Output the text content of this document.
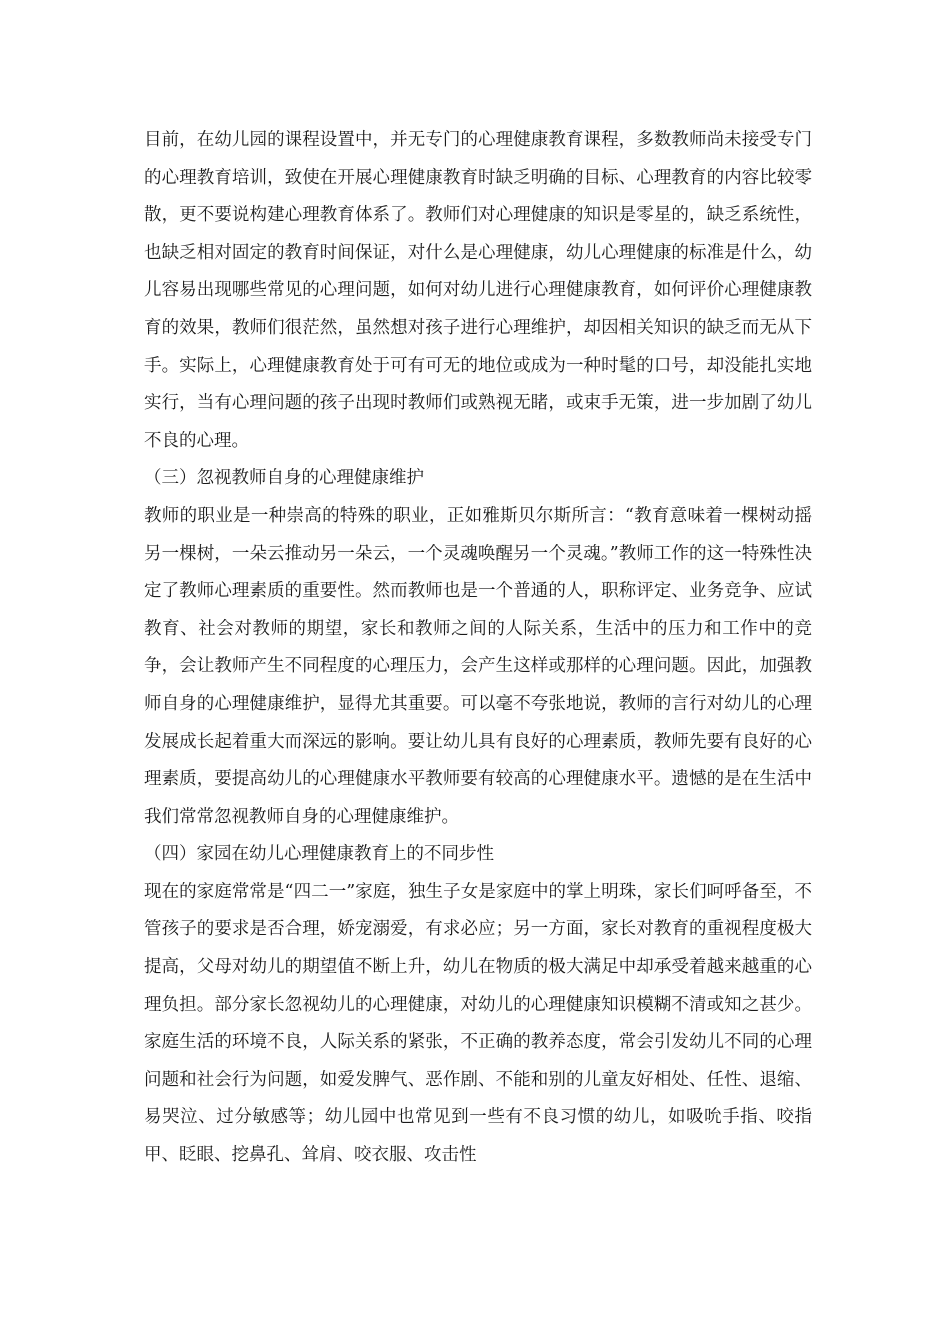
目前，在幼儿园的课程设置中，并无专门的心理健康教育课程，多数教师尚未接受专门的心理教育培训，致使在开展心理健康教育时缺乏明确的目标、心理教育的内容比较零散，更不要说构建心理教育体系了。教师们对心理健康的知识是零星的，缺乏系统性，也缺乏相对固定的教育时间保证，对什么是心理健康，幼儿心理健康的标准是什么，幼儿容易出现哪些常见的心理问题，如何对幼儿进行心理健康教育，如何评价心理健康教育的效果，教师们很茫然，虽然想对孩子进行心理维护，却因相关知识的缺乏而无从下手。实际上，心理健康教育处于可有可无的地位或成为一种时髦的口号，却没能扎实地实行，当有心理问题的孩子出现时教师们或熟视无睹，或束手无策，进一步加剧了幼儿不良的心理。

（三）忽视教师自身的心理健康维护

教师的职业是一种崇高的特殊的职业，正如雅斯贝尔斯所言：“教育意味着一棵树动摇另一棵树，一朵云推动另一朵云，一个灵魂唤醒另一个灵魂。”教师工作的这一特殊性决定了教师心理素质的重要性。然而教师也是一个普通的人，职称评定、业务竞争、应试教育、社会对教师的期望，家长和教师之间的人际关系，生活中的压力和工作中的竞争，会让教师产生不同程度的心理压力，会产生这样或那样的心理问题。因此，加强教师自身的心理健康维护，显得尤其重要。可以毫不夸张地说，教师的言行对幼儿的心理发展成长起着重大而深远的影响。要让幼儿具有良好的心理素质，教师先要有良好的心理素质，要提高幼儿的心理健康水平教师要有较高的心理健康水平。遗憾的是在生活中我们常常忽视教师自身的心理健康维护。

（四）家园在幼儿心理健康教育上的不同步性

现在的家庭常常是“四二一”家庭，独生子女是家庭中的掌上明珠，家长们呵呼备至，不管孩子的要求是否合理，娇宠溺爱，有求必应；另一方面，家长对教育的重视程度极大提高，父母对幼儿的期望值不断上升，幼儿在物质的极大满足中却承受着越来越重的心理负担。部分家长忽视幼儿的心理健康，对幼儿的心理健康知识模糊不清或知之甚少。家庭生活的环境不良，人际关系的紧张，不正确的教养态度，常会引发幼儿不同的心理问题和社会行为问题，如爱发脾气、恶作剧、不能和别的儿童友好相处、任性、退缩、易哭泣、过分敏感等；幼儿园中也常见到一些有不良习惯的幼儿，如吸吮手指、咬指甲、眨眼、挖鼻孔、耸肩、咬衣服、攻击性
